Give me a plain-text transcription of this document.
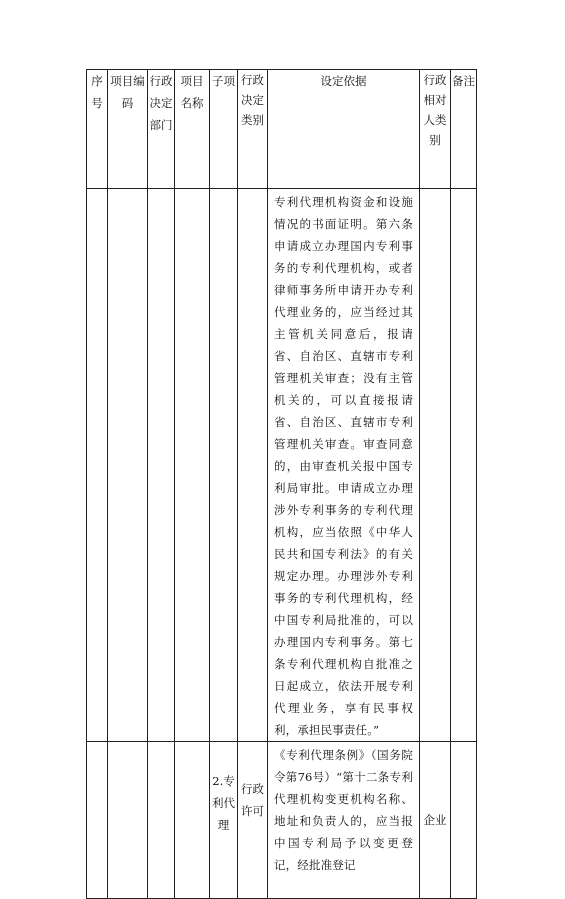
序号	项目编码	行政决定部门	项目名称	子项	行政决定类别	设定依据	行政相对人类别	备注
						专利代理机构资金和设施情况的书面证明。第六条申请成立办理国内专利事务的专利代理机构，或者律师事务所申请开办专利代理业务的，应当经过其主管机关同意后，报请省、自治区、直辖市专利管理机关审查；没有主管机关的，可以直接报请省、自治区、直辖市专利管理机关审查。审查同意的，由审查机关报中国专利局审批。申请成立办理涉外专利事务的专利代理机构，应当依照《中华人民共和国专利法》的有关规定办理。办理涉外专利事务的专利代理机构，经中国专利局批准的，可以办理国内专利事务。第七条专利代理机构自批准之日起成立，依法开展专利代理业务，享有民事权利，承担民事责任。”		
				2.专利代理	行政许可	《专利代理条例》（国务院令第76号）“第十二条专利代理机构变更机构名称、地址和负责人的，应当报中国专利局予以变更登记，经批准登记	企业	
